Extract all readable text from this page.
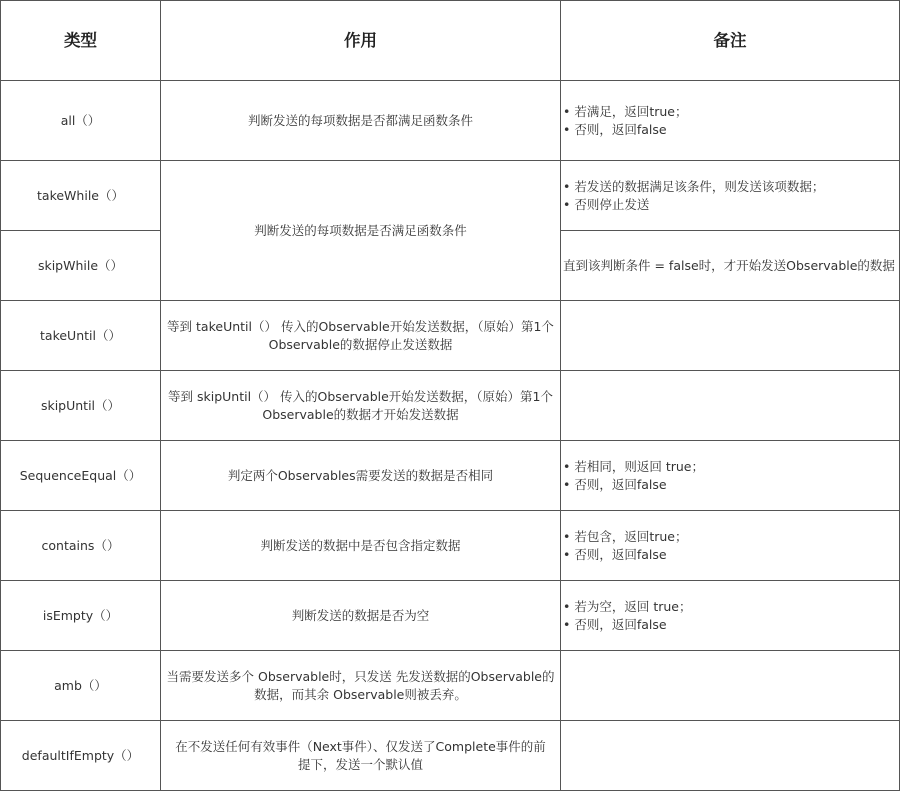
类型	作用	备注
all（）	判断发送的每项数据是否都满足函数条件	• 若满足，返回true；
• 否则，返回false

takeWhile（）	判断发送的每项数据是否满足函数条件	• 若发送的数据满足该条件，则发送该项数据；
• 否则停止发送

skipWhile（）		直到该判断条件 = false时，才开始发送Observable的数据

takeUntil（）	等到 takeUntil（） 传入的Observable开始发送数据，（原始）第1个
Observable的数据停止发送数据	

skipUntil（）	等到 skipUntil（） 传入的Observable开始发送数据，（原始）第1个
Observable的数据才开始发送数据	

SequenceEqual（）	判定两个Observables需要发送的数据是否相同	• 若相同，则返回 true；
• 否则，返回false

contains（）	判断发送的数据中是否包含指定数据	• 若包含，返回true；
• 否则，返回false

isEmpty（）	判断发送的数据是否为空	• 若为空，返回 true；
• 否则，返回false

amb（）	当需要发送多个 Observable时，只发送 先发送数据的Observable的
数据，而其余 Observable则被丢弃。	

defaultIfEmpty（）	在不发送任何有效事件（Next事件）、仅发送了Complete事件的前
提下，发送一个默认值	
